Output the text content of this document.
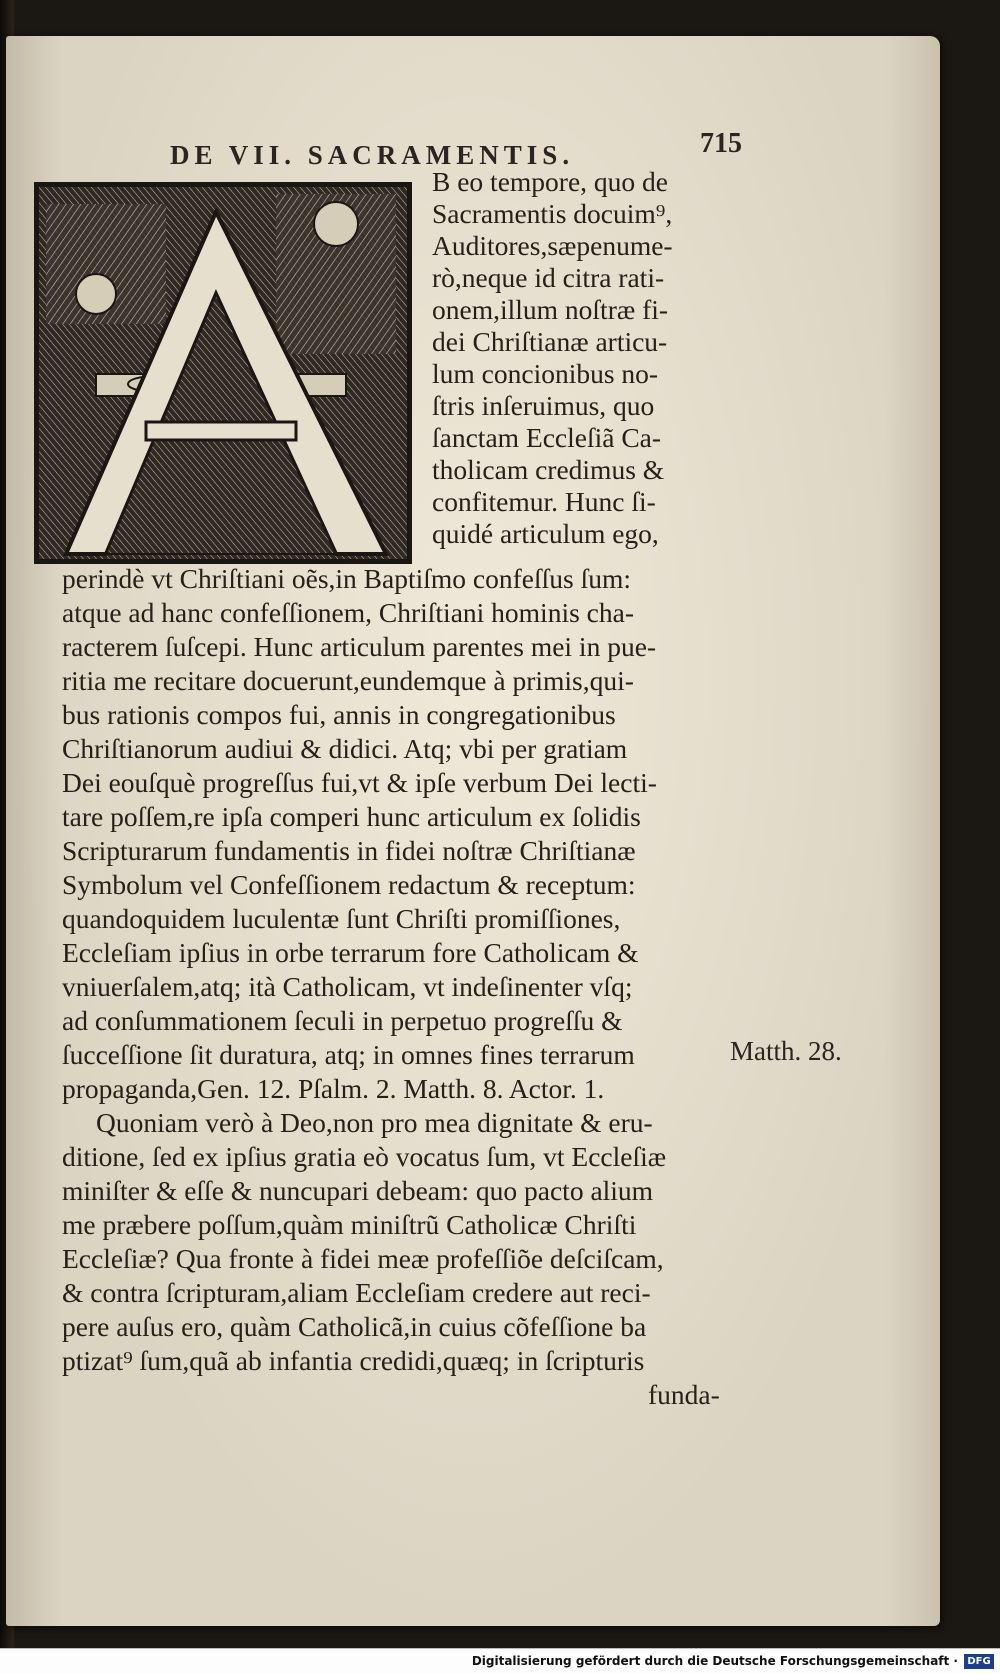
DE VII. SACRAMENTIS.	715

B eo tempore, quo de

Sacramentis docuim⁹,

Auditores,sæpenume-

rò,neque id citra rati-

onem,illum noſtræ fi-

dei Chriſtianæ articu-

lum concionibus no-

ſtris inſeruimus, quo

ſanctam Eccleſiã Ca-

tholicam credimus &

confitemur. Hunc ſi-

quidé articulum ego,

perindè vt Chriſtiani oẽs,in Baptiſmo confeſſus ſum:

atque ad hanc confeſſionem, Chriſtiani hominis cha-

racterem ſuſcepi. Hunc articulum parentes mei in pue-

ritia me recitare docuerunt,eundemque à primis,qui-

bus rationis compos fui, annis in congregationibus

Chriſtianorum audiui & didici. Atq; vbi per gratiam

Dei eouſquè progreſſus fui,vt & ipſe verbum Dei lecti-

tare poſſem,re ipſa comperi hunc articulum ex ſolidis

Scripturarum fundamentis in fidei noſtræ Chriſtianæ

Symbolum vel Confeſſionem redactum & receptum:

quandoquidem luculentæ ſunt Chriſti promiſſiones,

Eccleſiam ipſius in orbe terrarum fore Catholicam &

vniuerſalem,atq; ità Catholicam, vt indeſinenter vſq;

ad conſummationem ſeculi in perpetuo progreſſu &

ſucceſſione ſit duratura, atq; in omnes fines terrarum

propaganda,Gen. 12. Pſalm. 2. Matth. 8. Actor. 1.

Quoniam verò à Deo,non pro mea dignitate & eru-

ditione, ſed ex ipſius gratia eò vocatus ſum, vt Eccleſiæ

miniſter & eſſe & nuncupari debeam: quo pacto alium

me præbere poſſum,quàm miniſtrũ Catholicæ Chriſti

Eccleſiæ? Qua fronte à fidei meæ profeſſiõe deſciſcam,

& contra ſcripturam,aliam Eccleſiam credere aut reci-

pere auſus ero, quàm Catholicã,in cuius cõfeſſione ba

ptizat⁹ ſum,quã ab infantia credidi,quæq; in ſcripturis

funda-

Matth. 28.
Digitalisierung gefördert durch die Deutsche Forschungsgemeinschaft · DFG
